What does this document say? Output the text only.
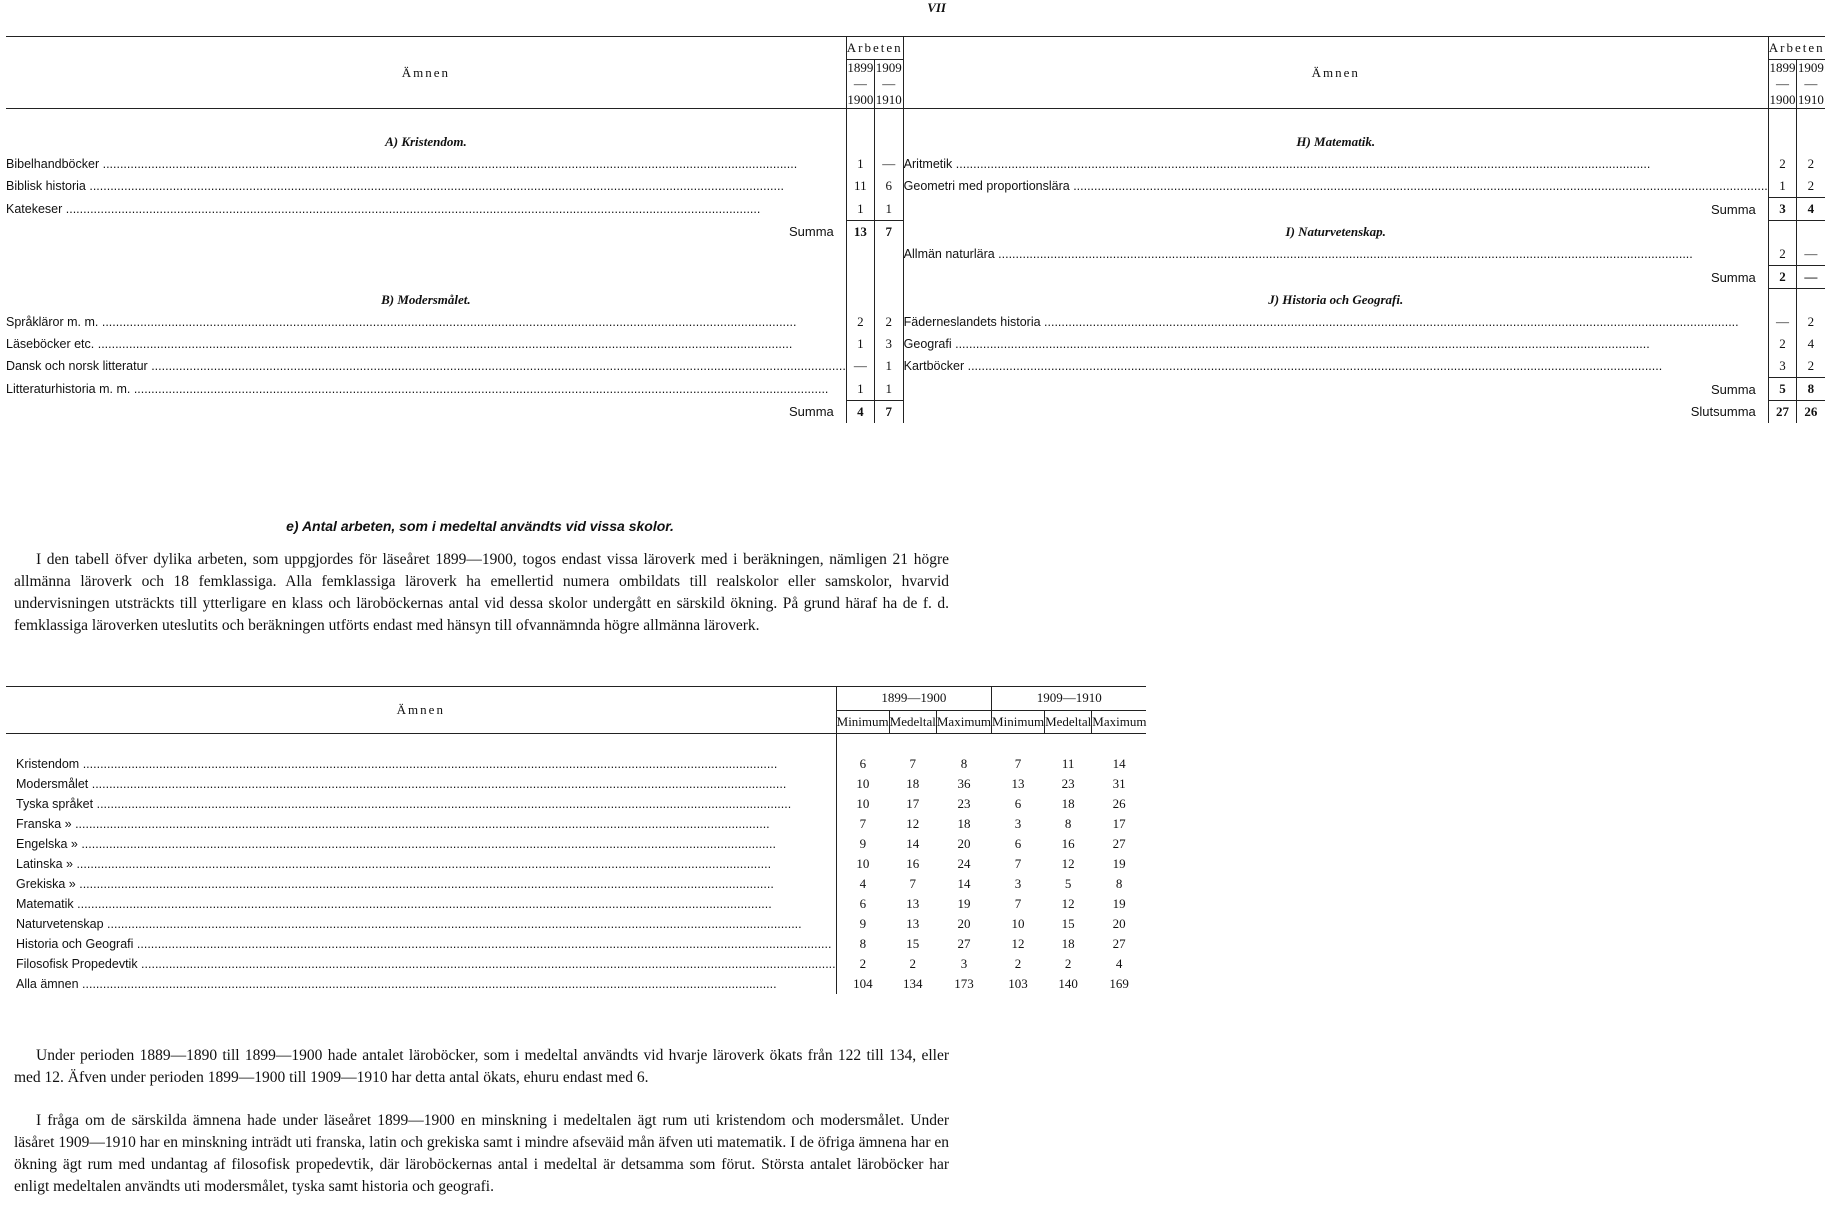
VII
Ämnen	Arbeten		Ämnen	Arbeten	
	1899—1900	1909—1910		1899—1900	1909—1910

A) Kristendom.			H) Matematik.		
Bibelhandböcker .....	1	—	Aritmetik .....	2	2
Biblisk historia .....	11	6	Geometri med proportionslära .....	1	2
Katekeser .....	1	1	Summa	3	4
Summa	13	7	I) Naturvetenskap.		
			Allmän naturlära .....	2	—
			Summa	2	—
B) Modersmålet.			J) Historia och Geografi.		
Språkläror m. m. .....	2	2	Fäderneslandets historia .....	—	2
Läseböcker etc. .....	1	3	Geografi .....	2	4
Dansk och norsk litteratur .....	—	1	Kartböcker .....	3	2
Litteraturhistoria m. m. .....	1	1	Summa	5	8
Summa	4	7	Slutsumma	27	26
e) Antal arbeten, som i medeltal användts vid vissa skolor.

I den tabell öfver dylika arbeten, som uppgjordes för läseåret 1899—1900, togos endast vissa läroverk med i beräkningen, nämligen 21 högre allmänna läroverk och 18 femklassiga. Alla femklassiga läroverk ha emellertid numera ombildats till realskolor eller samskolor, hvarvid undervisningen utsträckts till ytterligare en klass och läroböckernas antal vid dessa skolor undergått en särskild ökning. På grund häraf ha de f. d. femklassiga läroverken uteslutits och beräkningen utförts endast med hänsyn till ofvannämnda högre allmänna läroverk.

Ämnen	1899—1900			1909—1910		
	Minimum	Medeltal	Maximum	Minimum	Medeltal	Maximum

Kristendom .....	6	7	8	7	11	14
Modersmålet .....	10	18	36	13	23	31
Tyska språket .....	10	17	23	6	18	26
Franska » .....	7	12	18	3	8	17
Engelska » .....	9	14	20	6	16	27
Latinska » .....	10	16	24	7	12	19
Grekiska » .....	4	7	14	3	5	8
Matematik .....	6	13	19	7	12	19
Naturvetenskap .....	9	13	20	10	15	20
Historia och Geografi .....	8	15	27	12	18	27
Filosofisk Propedevtik .....	2	2	3	2	2	4
Alla ämnen .....	104	134	173	103	140	169

Under perioden 1889—1890 till 1899—1900 hade antalet läroböcker, som i medeltal användts vid hvarje läroverk ökats från 122 till 134, eller med 12. Äfven under perioden 1899—1900 till 1909—1910 har detta antal ökats, ehuru endast med 6.

I fråga om de särskilda ämnena hade under läseåret 1899—1900 en minskning i medeltalen ägt rum uti kristendom och modersmålet. Under läsåret 1909—1910 har en minskning inträdt uti franska, latin och grekiska samt i mindre afseväid mån äfven uti matematik. I de öfriga ämnena har en ökning ägt rum med undantag af filosofisk propedevtik, där läroböckernas antal i medeltal är detsamma som förut. Största antalet läroböcker har enligt medeltalen användts uti modersmålet, tyska samt historia och geografi.
